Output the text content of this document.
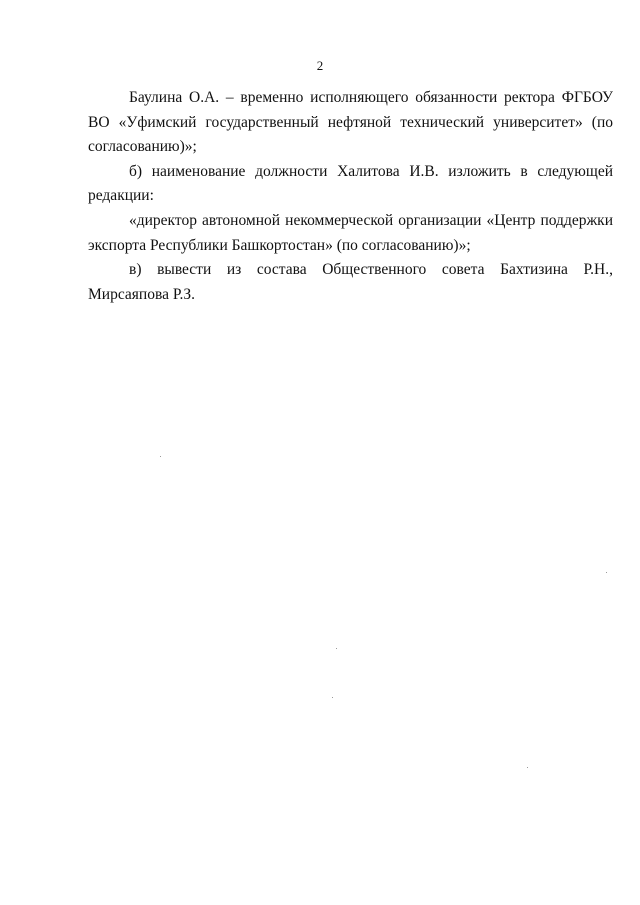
2

Баулина О.А. – временно исполняющего обязанности ректора ФГБОУ ВО «Уфимский государственный нефтяной технический университет» (по согласованию)»;

б) наименование должности Халитова И.В. изложить в следующей редакции:

«директор автономной некоммерческой организации «Центр поддержки экспорта Республики Башкортостан» (по согласованию)»;

в) вывести из состава Общественного совета Бахтизина Р.Н., Мирсаяпова Р.З.
